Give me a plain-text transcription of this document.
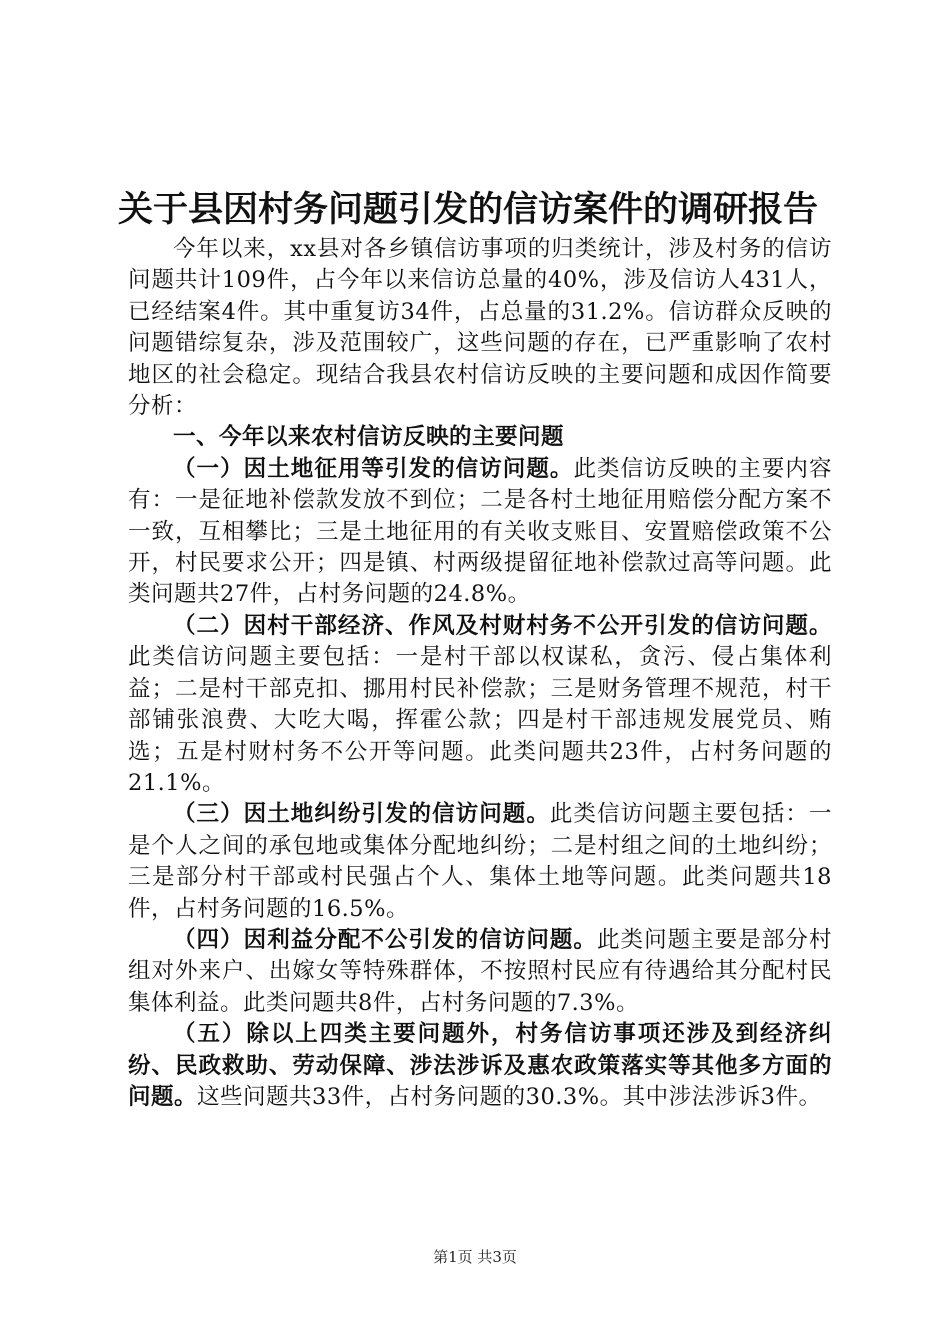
关于县因村务问题引发的信访案件的调研报告

今年以来，xx县对各乡镇信访事项的归类统计，涉及村务的信访问题共计109件，占今年以来信访总量的40%，涉及信访人431人，已经结案4件。其中重复访34件，占总量的31.2%。信访群众反映的问题错综复杂，涉及范围较广，这些问题的存在，已严重影响了农村地区的社会稳定。现结合我县农村信访反映的主要问题和成因作简要分析：

一、今年以来农村信访反映的主要问题

（一）因土地征用等引发的信访问题。此类信访反映的主要内容有：一是征地补偿款发放不到位；二是各村土地征用赔偿分配方案不一致，互相攀比；三是土地征用的有关收支账目、安置赔偿政策不公开，村民要求公开；四是镇、村两级提留征地补偿款过高等问题。此类问题共27件，占村务问题的24.8%。

（二）因村干部经济、作风及村财村务不公开引发的信访问题。此类信访问题主要包括：一是村干部以权谋私，贪污、侵占集体利益；二是村干部克扣、挪用村民补偿款；三是财务管理不规范，村干部铺张浪费、大吃大喝，挥霍公款；四是村干部违规发展党员、贿选；五是村财村务不公开等问题。此类问题共23件，占村务问题的21.1%。

（三）因土地纠纷引发的信访问题。此类信访问题主要包括：一是个人之间的承包地或集体分配地纠纷；二是村组之间的土地纠纷；三是部分村干部或村民强占个人、集体土地等问题。此类问题共18件，占村务问题的16.5%。

（四）因利益分配不公引发的信访问题。此类问题主要是部分村组对外来户、出嫁女等特殊群体，不按照村民应有待遇给其分配村民集体利益。此类问题共8件，占村务问题的7.3%。

（五）除以上四类主要问题外，村务信访事项还涉及到经济纠纷、民政救助、劳动保障、涉法涉诉及惠农政策落实等其他多方面的问题。这些问题共33件，占村务问题的30.3%。其中涉法涉诉3件。

第1页 共3页
